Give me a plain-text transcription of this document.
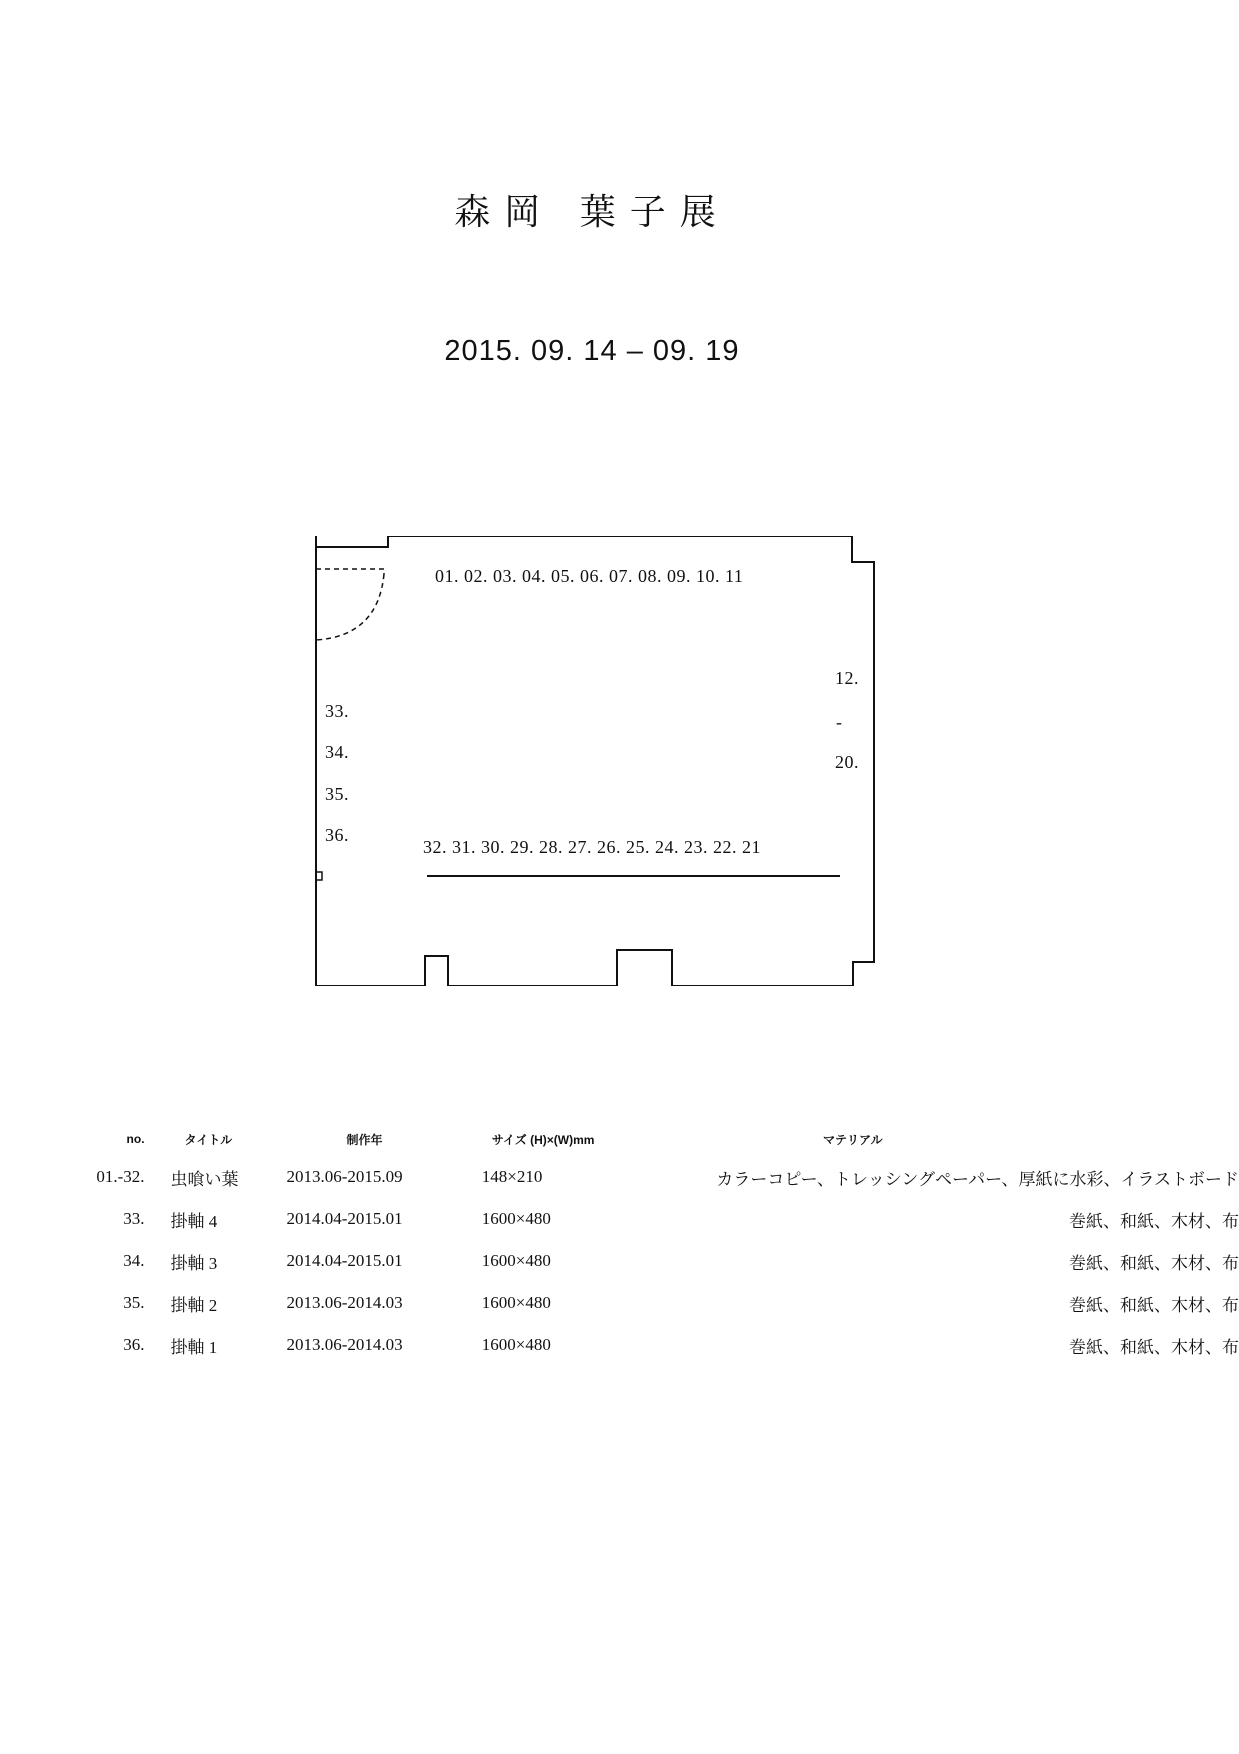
森岡 葉子展
2015. 09. 14 – 09. 19
01. 02. 03. 04. 05. 06. 07. 08. 09. 10. 11
12.
-
20.
33.
34.
35.
36.
32. 31. 30. 29. 28. 27. 26. 25. 24. 23. 22. 21
no.	タイトル	制作年	サイズ (H)×(W)mm	マテリアル
01.-32.	虫喰い葉	2013.06-2015.09	148×210	カラーコピー、トレッシングペーパー、厚紙に水彩、イラストボード
33.	掛軸 4	2014.04-2015.01	1600×480	巻紙、和紙、木材、布
34.	掛軸 3	2014.04-2015.01	1600×480	巻紙、和紙、木材、布
35.	掛軸 2	2013.06-2014.03	1600×480	巻紙、和紙、木材、布
36.	掛軸 1	2013.06-2014.03	1600×480	巻紙、和紙、木材、布
